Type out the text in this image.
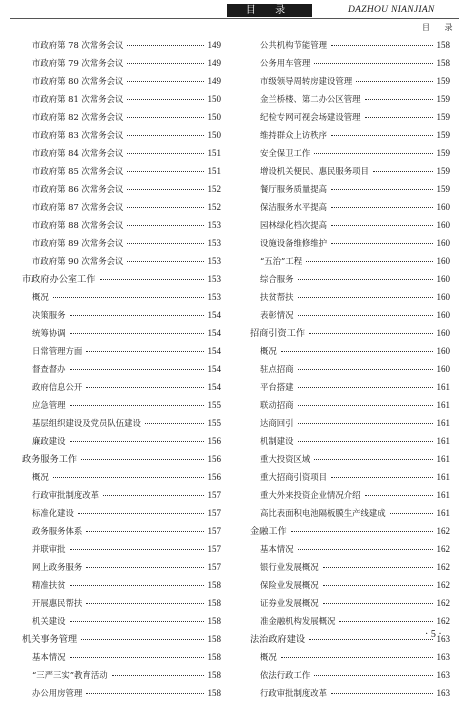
目 录	DAZHOU NIANJIAN
目 录
市政府第 78 次常务会议	149
市政府第 79 次常务会议	149
市政府第 80 次常务会议	149
市政府第 81 次常务会议	150
市政府第 82 次常务会议	150
市政府第 83 次常务会议	150
市政府第 84 次常务会议	151
市政府第 85 次常务会议	151
市政府第 86 次常务会议	152
市政府第 87 次常务会议	152
市政府第 88 次常务会议	153
市政府第 89 次常务会议	153
市政府第 90 次常务会议	153
市政府办公室工作	153
概况	153
决策服务	154
统筹协调	154
日常管理方面	154
督查督办	154
政府信息公开	154
应急管理	155
基层组织建设及党员队伍建设	155
廉政建设	156
政务服务工作	156
概况	156
行政审批制度改革	157
标准化建设	157
政务服务体系	157
并联审批	157
网上政务服务	157
精准扶贫	158
开展惠民帮扶	158
机关建设	158
机关事务管理	158
基本情况	158
“三严三实”教育活动	158
办公用房管理	158
公共机构节能管理	158
公务用车管理	158
市级领导周转房建设管理	159
金兰桥楼、第二办公区管理	159
纪检专网可视会场建设管理	159
维持群众上访秩序	159
安全保卫工作	159
增设机关便民、惠民服务项目	159
餐厅服务质量提高	159
保洁服务水平提高	160
园林绿化档次提高	160
设施设备维修维护	160
“五治”工程	160
综合服务	160
扶贫帮扶	160
表彰情况	160
招商引资工作	160
概况	160
驻点招商	160
平台搭建	161
联动招商	161
达商回引	161
机制建设	161
重大投资区域	161
重大招商引资项目	161
重大外来投资企业情况介绍	161
高比表面积电池隔板膜生产线建成	161
金融工作	162
基本情况	162
银行业发展概况	162
保险业发展概况	162
证券业发展概况	162
准金融机构发展概况	162
法治政府建设	163
概况	163
依法行政工作	163
行政审批制度改革	163
· 5 ·
